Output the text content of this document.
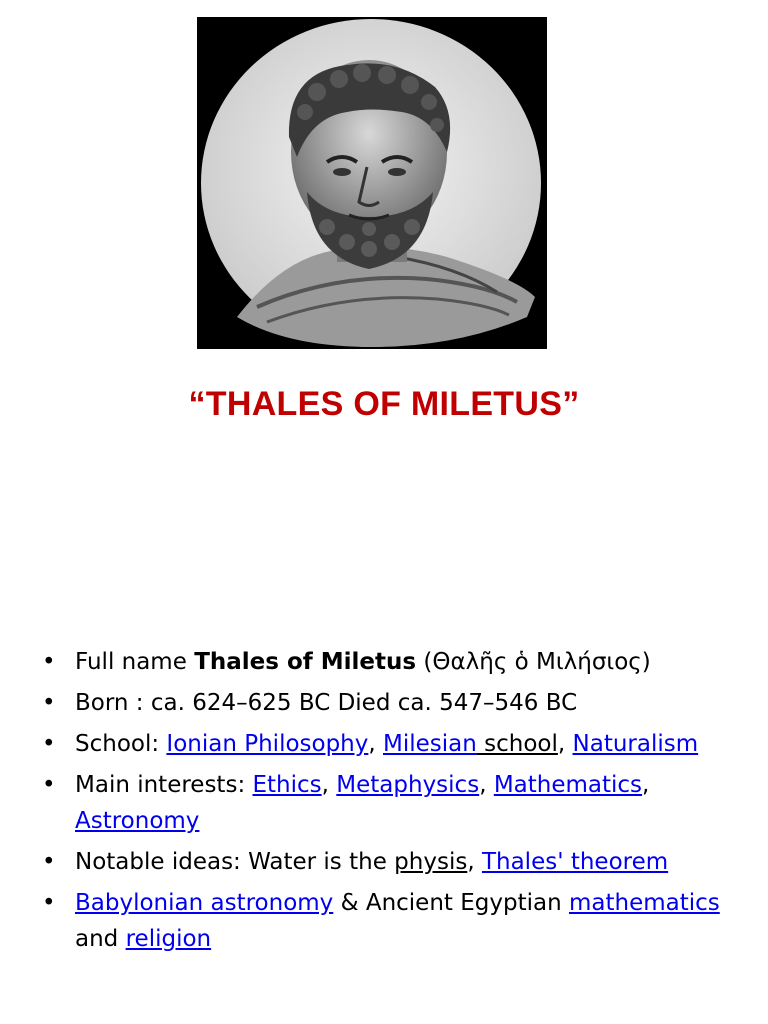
“THALES OF MILETUS”
• Full name Thales of Miletus (Θαλῆς ὁ Μιλήσιος)
• Born : ca. 624–625 BC Died ca. 547–546 BC
• School: Ionian Philosophy, Milesian school, Naturalism
• Main interests: Ethics, Metaphysics, Mathematics, Astronomy
• Notable ideas: Water is the physis, Thales' theorem
• Babylonian astronomy & Ancient Egyptian mathematics and religion
